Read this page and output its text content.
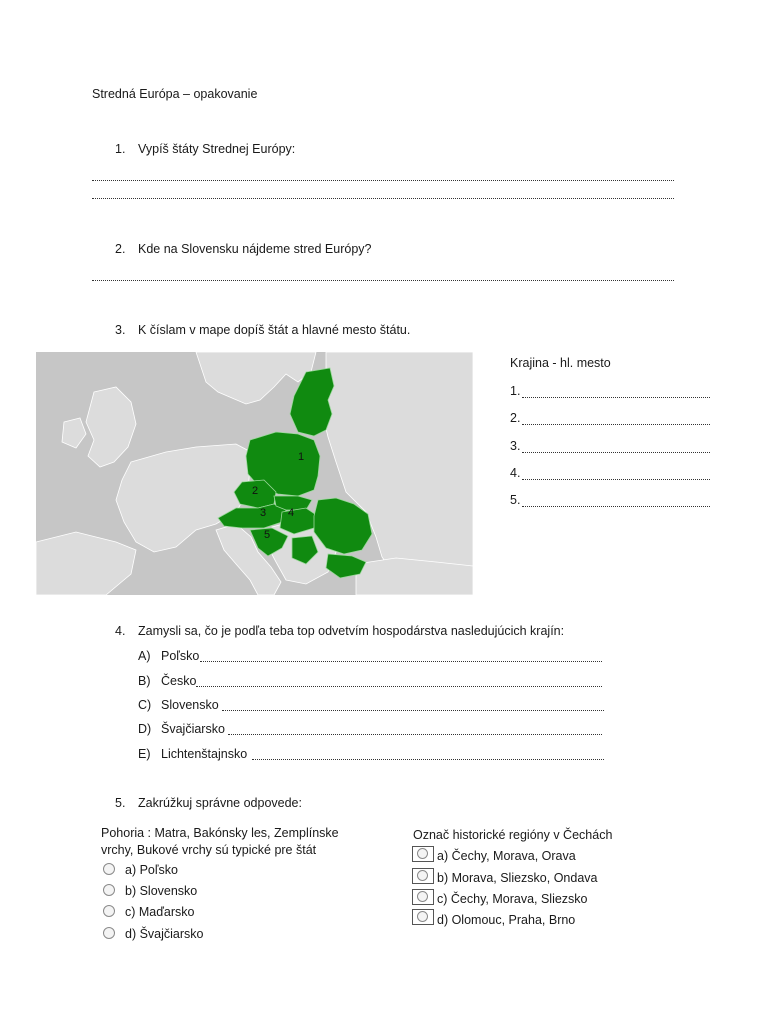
Stredná Európa – opakovanie
1. Vypíš štáty Strednej Európy:
2. Kde na Slovensku nájdeme stred Európy?
3. K číslam v mape dopíš štát a hlavné mesto štátu.
1
2
3 4
5
Krajina - hl. mesto
1.
2.
3.
4.
5.
4. Zamysli sa, čo je podľa teba top odvetvím hospodárstva nasledujúcich krajín:
A) Poľsko
B) Česko
C) Slovensko
D) Švajčiarsko
E) Lichtenštajnsko
5. Zakrúžkuj správne odpovede:
Pohoria : Matra, Bakónsky les, Zemplínske
vrchy, Bukové vrchy sú typické pre štát
a) Poľsko
b) Slovensko
c) Maďarsko
d) Švajčiarsko
Označ historické regióny v Čechách
a) Čechy, Morava, Orava
b) Morava, Sliezsko, Ondava
c) Čechy, Morava, Sliezsko
d) Olomouc, Praha, Brno
